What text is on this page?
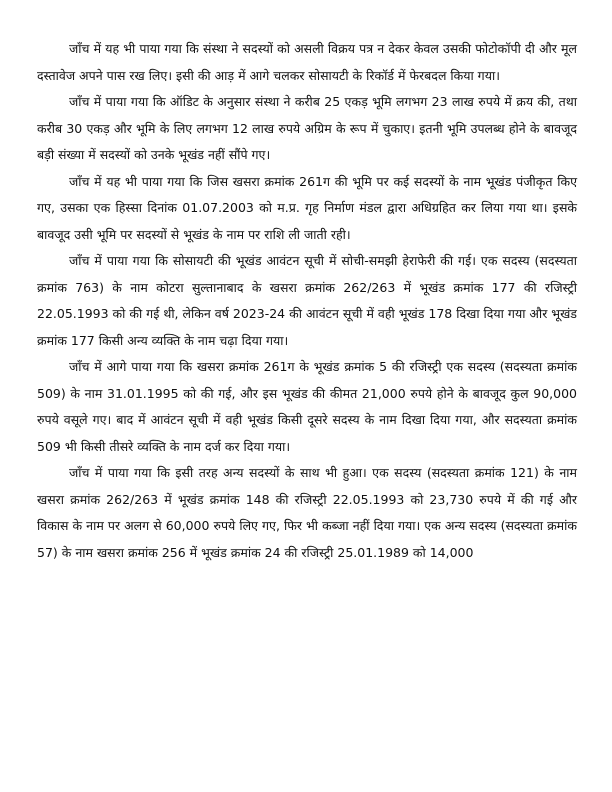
जाँच में यह भी पाया गया कि संस्था ने सदस्यों को असली विक्रय पत्र न देकर केवल उसकी फोटोकॉपी दी और मूल दस्तावेज अपने पास रख लिए। इसी की आड़ में आगे चलकर सोसायटी के रिकॉर्ड में फेरबदल किया गया।

जाँच में पाया गया कि ऑडिट के अनुसार संस्था ने करीब 25 एकड़ भूमि लगभग 23 लाख रुपये में क्रय की, तथा करीब 30 एकड़ और भूमि के लिए लगभग 12 लाख रुपये अग्रिम के रूप में चुकाए। इतनी भूमि उपलब्ध होने के बावजूद बड़ी संख्या में सदस्यों को उनके भूखंड नहीं सौंपे गए।

जाँच में यह भी पाया गया कि जिस खसरा क्रमांक 261ग की भूमि पर कई सदस्यों के नाम भूखंड पंजीकृत किए गए, उसका एक हिस्सा दिनांक 01.07.2003 को म.प्र. गृह निर्माण मंडल द्वारा अधिग्रहित कर लिया गया था। इसके बावजूद उसी भूमि पर सदस्यों से भूखंड के नाम पर राशि ली जाती रही।

जाँच में पाया गया कि सोसायटी की भूखंड आवंटन सूची में सोची-समझी हेराफेरी की गई। एक सदस्य (सदस्यता क्रमांक 763) के नाम कोटरा सुल्तानाबाद के खसरा क्रमांक 262/263 में भूखंड क्रमांक 177 की रजिस्ट्री 22.05.1993 को की गई थी, लेकिन वर्ष 2023-24 की आवंटन सूची में वही भूखंड 178 दिखा दिया गया और भूखंड क्रमांक 177 किसी अन्य व्यक्ति के नाम चढ़ा दिया गया।

जाँच में आगे पाया गया कि खसरा क्रमांक 261ग के भूखंड क्रमांक 5 की रजिस्ट्री एक सदस्य (सदस्यता क्रमांक 509) के नाम 31.01.1995 को की गई, और इस भूखंड की कीमत 21,000 रुपये होने के बावजूद कुल 90,000 रुपये वसूले गए। बाद में आवंटन सूची में वही भूखंड किसी दूसरे सदस्य के नाम दिखा दिया गया, और सदस्यता क्रमांक 509 भी किसी तीसरे व्यक्ति के नाम दर्ज कर दिया गया।

जाँच में पाया गया कि इसी तरह अन्य सदस्यों के साथ भी हुआ। एक सदस्य (सदस्यता क्रमांक 121) के नाम खसरा क्रमांक 262/263 में भूखंड क्रमांक 148 की रजिस्ट्री 22.05.1993 को 23,730 रुपये में की गई और विकास के नाम पर अलग से 60,000 रुपये लिए गए, फिर भी कब्जा नहीं दिया गया। एक अन्य सदस्य (सदस्यता क्रमांक 57) के नाम खसरा क्रमांक 256 में भूखंड क्रमांक 24 की रजिस्ट्री 25.01.1989 को 14,000
